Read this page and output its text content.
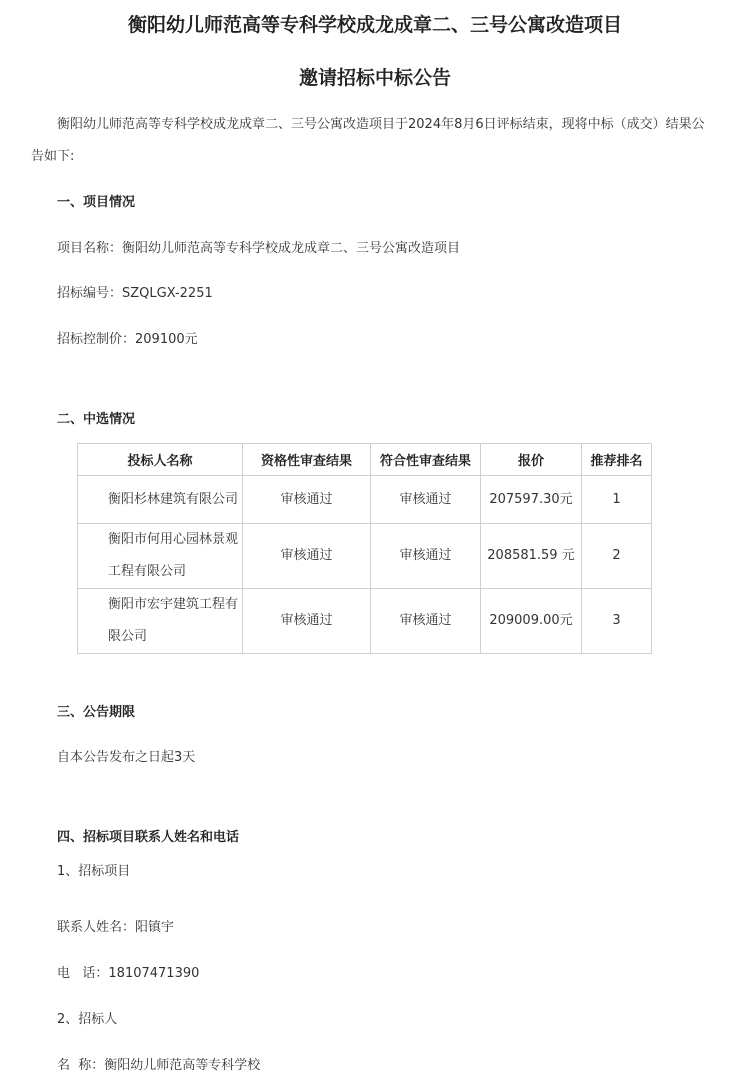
衡阳幼儿师范高等专科学校成龙成章二、三号公寓改造项目
邀请招标中标公告
衡阳幼儿师范高等专科学校成龙成章二、三号公寓改造项目于2024年8月6日评标结束，现将中标（成交）结果公
告如下:
一、项目情况
项目名称：衡阳幼儿师范高等专科学校成龙成章二、三号公寓改造项目
招标编号：SZQLGX-2251
招标控制价：209100元
二、中选情况
投标人名称	资格性审查结果	符合性审查结果	报价	推荐排名
衡阳杉林建筑有限公司	审核通过	审核通过	207597.30元	1
衡阳市何用心园林景观工程有限公司	审核通过	审核通过	208581.59 元	2
衡阳市宏宇建筑工程有限公司	审核通过	审核通过	209009.00元	3
三、公告期限
自本公告发布之日起3天
四、招标项目联系人姓名和电话
1、招标项目
联系人姓名：阳镇宇
电   话：18107471390
2、招标人
名  称：衡阳幼儿师范高等专科学校
